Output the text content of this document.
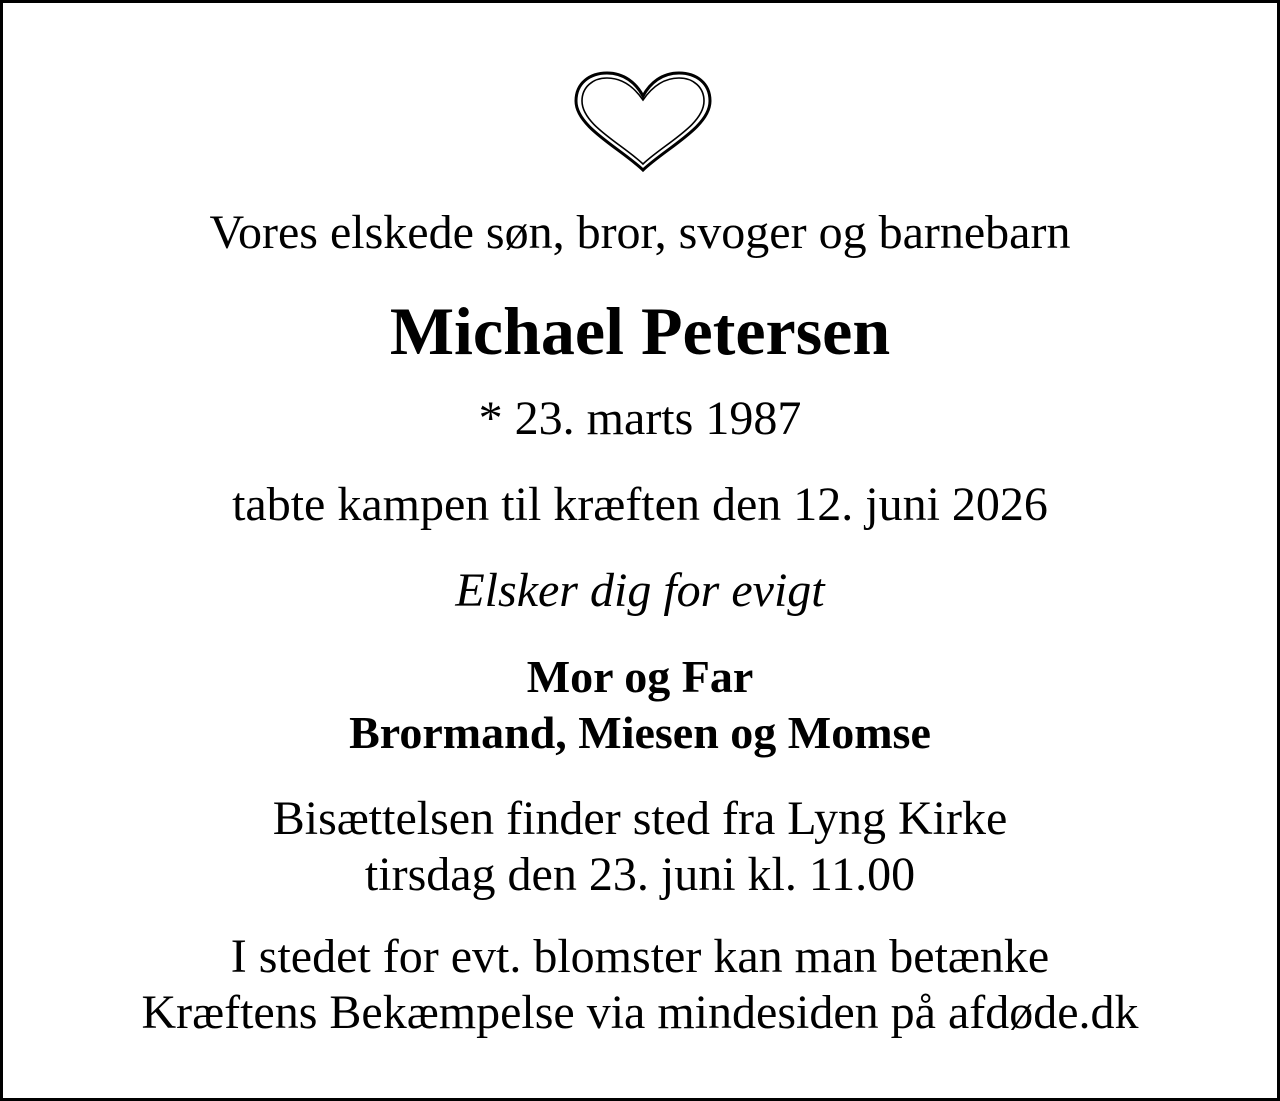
Vores elskede søn, bror, svoger og barnebarn
Michael Petersen
* 23. marts 1987
tabte kampen til kræften den 12. juni 2026
Elsker dig for evigt
Mor og Far
Brormand, Miesen og Momse
Bisættelsen finder sted fra Lyng Kirke
tirsdag den 23. juni kl. 11.00
I stedet for evt. blomster kan man betænke
Kræftens Bekæmpelse via mindesiden på afdøde.dk
